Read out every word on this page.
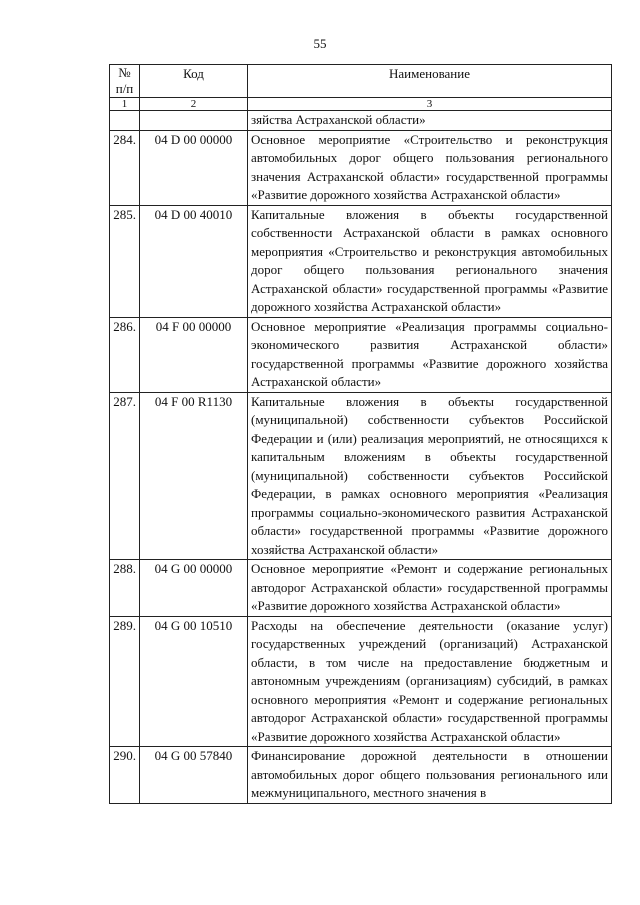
55
№ п/п	Код	Наименование
1	2	3
		зяйства Астраханской области»
284.	04 D 00 00000	Основное мероприятие «Строительство и реконструкция автомобильных дорог общего пользования регионального значения Астраханской области» государственной программы «Развитие дорожного хозяйства Астраханской области»
285.	04 D 00 40010	Капитальные вложения в объекты государственной собственности Астраханской области в рамках основного мероприятия «Строительство и реконструкция автомобильных дорог общего пользования регионального значения Астраханской области» государственной программы «Развитие дорожного хозяйства Астраханской области»
286.	04 F 00 00000	Основное мероприятие «Реализация программы социально-экономического развития Астраханской области» государственной программы «Развитие дорожного хозяйства Астраханской области»
287.	04 F 00 R1130	Капитальные вложения в объекты государственной (муниципальной) собственности субъектов Российской Федерации и (или) реализация мероприятий, не относящихся к капитальным вложениям в объекты государственной (муниципальной) собственности субъектов Российской Федерации, в рамках основного мероприятия «Реализация программы социально-экономического развития Астраханской области» государственной программы «Развитие дорожного хозяйства Астраханской области»
288.	04 G 00 00000	Основное мероприятие «Ремонт и содержание региональных автодорог Астраханской области» государственной программы «Развитие дорожного хозяйства Астраханской области»
289.	04 G 00 10510	Расходы на обеспечение деятельности (оказание услуг) государственных учреждений (организаций) Астраханской области, в том числе на предоставление бюджетным и автономным учреждениям (организациям) субсидий, в рамках основного мероприятия «Ремонт и содержание региональных автодорог Астраханской области» государственной программы «Развитие дорожного хозяйства Астраханской области»
290.	04 G 00 57840	Финансирование дорожной деятельности в отношении автомобильных дорог общего пользования регионального или межмуниципального, местного значения в
